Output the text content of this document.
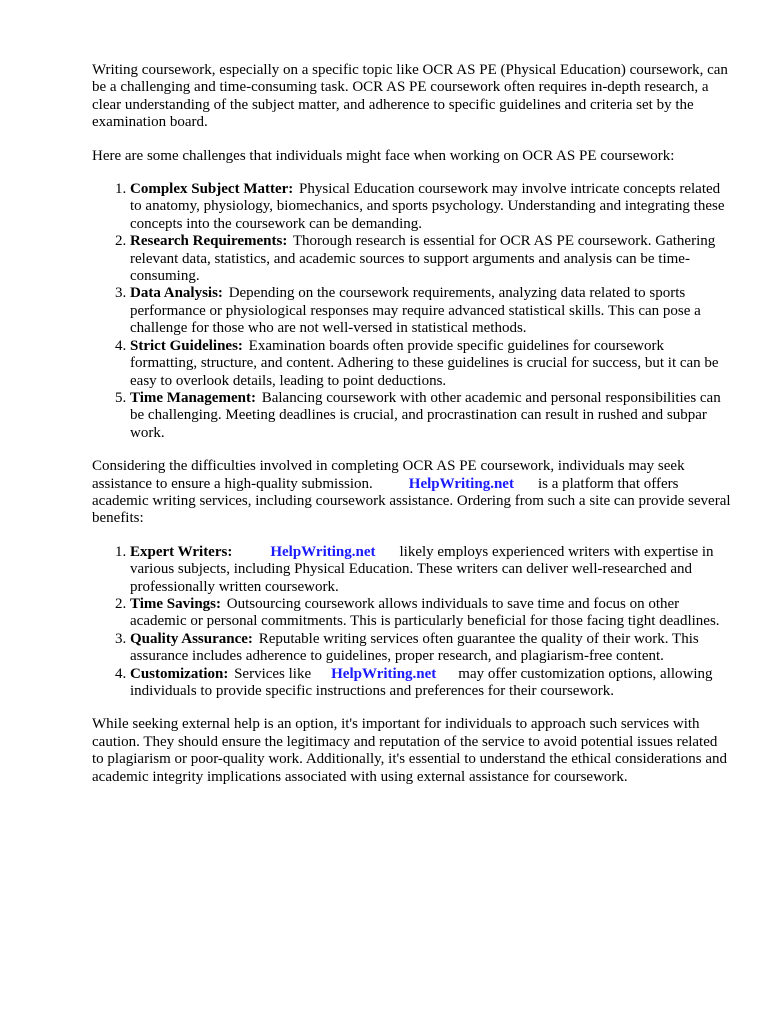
Writing coursework, especially on a specific topic like OCR AS PE (Physical Education) coursework, can be a challenging and time-consuming task. OCR AS PE coursework often requires in-depth research, a clear understanding of the subject matter, and adherence to specific guidelines and criteria set by the examination board.

Here are some challenges that individuals might face when working on OCR AS PE coursework:

1. Complex Subject Matter: Physical Education coursework may involve intricate concepts related to anatomy, physiology, biomechanics, and sports psychology. Understanding and integrating these concepts into the coursework can be demanding.
2. Research Requirements: Thorough research is essential for OCR AS PE coursework. Gathering relevant data, statistics, and academic sources to support arguments and analysis can be time-consuming.
3. Data Analysis: Depending on the coursework requirements, analyzing data related to sports performance or physiological responses may require advanced statistical skills. This can pose a challenge for those who are not well-versed in statistical methods.
4. Strict Guidelines: Examination boards often provide specific guidelines for coursework formatting, structure, and content. Adhering to these guidelines is crucial for success, but it can be easy to overlook details, leading to point deductions.
5. Time Management: Balancing coursework with other academic and personal responsibilities can be challenging. Meeting deadlines is crucial, and procrastination can result in rushed and subpar work.

Considering the difficulties involved in completing OCR AS PE coursework, individuals may seek assistance to ensure a high-quality submission. HelpWriting.net is a platform that offers academic writing services, including coursework assistance. Ordering from such a site can provide several benefits:

1. Expert Writers:	HelpWriting.net likely employs experienced writers with expertise in various subjects, including Physical Education. These writers can deliver well-researched and professionally written coursework.
2. Time Savings: Outsourcing coursework allows individuals to save time and focus on other academic or personal commitments. This is particularly beneficial for those facing tight deadlines.
3. Quality Assurance: Reputable writing services often guarantee the quality of their work. This assurance includes adherence to guidelines, proper research, and plagiarism-free content.
4. Customization: Services like HelpWriting.net may offer customization options, allowing individuals to provide specific instructions and preferences for their coursework.

While seeking external help is an option, it's important for individuals to approach such services with caution. They should ensure the legitimacy and reputation of the service to avoid potential issues related to plagiarism or poor-quality work. Additionally, it's essential to understand the ethical considerations and academic integrity implications associated with using external assistance for coursework.
